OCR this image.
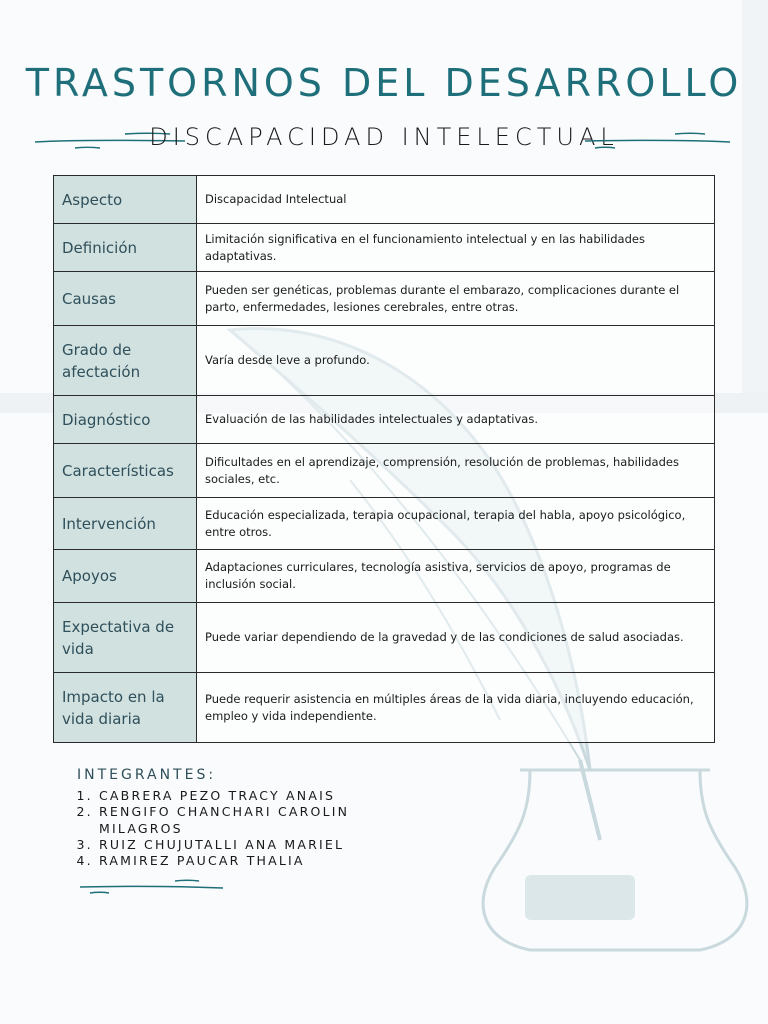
TRASTORNOS DEL DESARROLLO
DISCAPACIDAD INTELECTUAL
Aspecto	Discapacidad Intelectual
Definición	Limitación significativa en el funcionamiento intelectual y en las habilidades adaptativas.
Causas	Pueden ser genéticas, problemas durante el embarazo, complicaciones durante el parto, enfermedades, lesiones cerebrales, entre otras.
Grado de afectación	Varía desde leve a profundo.
Diagnóstico	Evaluación de las habilidades intelectuales y adaptativas.
Características	Dificultades en el aprendizaje, comprensión, resolución de problemas, habilidades sociales, etc.
Intervención	Educación especializada, terapia ocupacional, terapia del habla, apoyo psicológico, entre otros.
Apoyos	Adaptaciones curriculares, tecnología asistiva, servicios de apoyo, programas de inclusión social.
Expectativa de vida	Puede variar dependiendo de la gravedad y de las condiciones de salud asociadas.
Impacto en la vida diaria	Puede requerir asistencia en múltiples áreas de la vida diaria, incluyendo educación, empleo y vida independiente.
INTEGRANTES:
1. CABRERA PEZO TRACY ANAIS
2. RENGIFO CHANCHARI CAROLIN MILAGROS
3. RUIZ CHUJUTALLI ANA MARIEL
4. RAMIREZ PAUCAR THALIA
